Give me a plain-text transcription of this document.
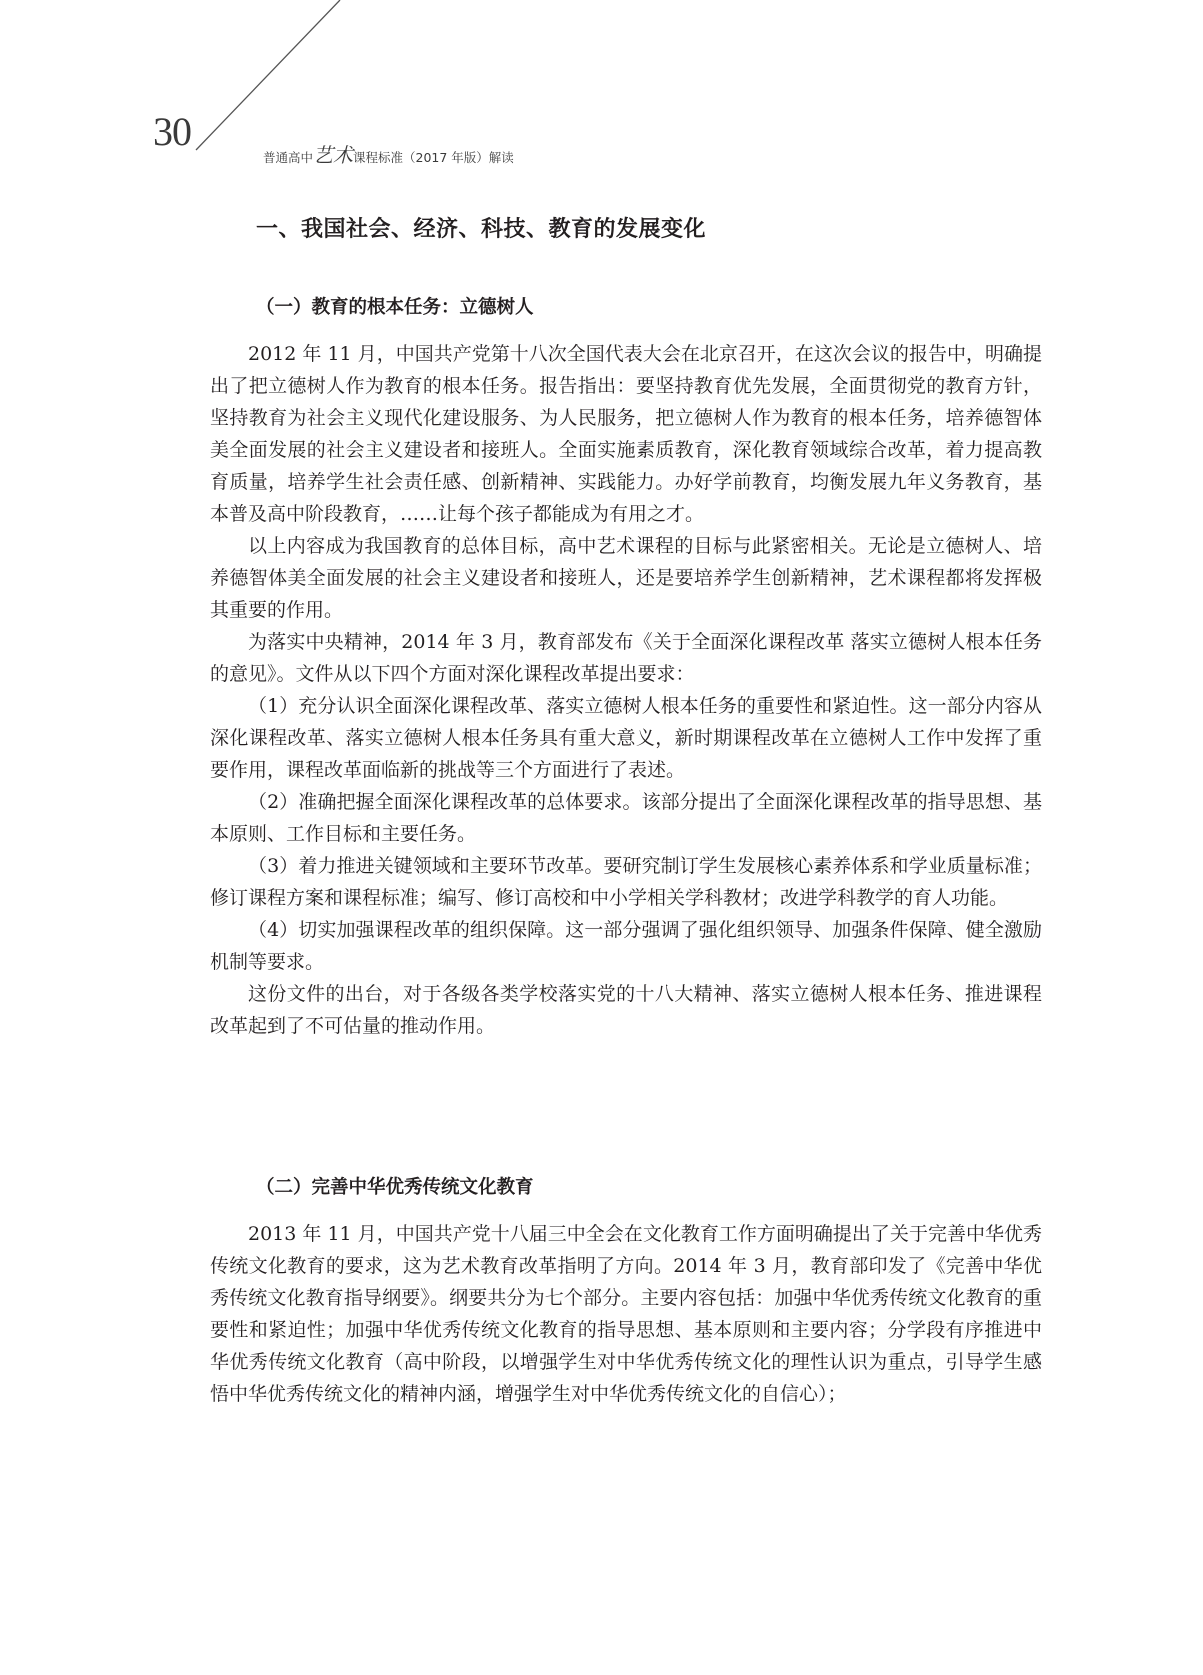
30
普通高中艺术课程标准（2017 年版）解读
一、我国社会、经济、科技、教育的发展变化
（一）教育的根本任务：立德树人

2012 年 11 月，中国共产党第十八次全国代表大会在北京召开，在这次会议的报告中，明确提出了把立德树人作为教育的根本任务。报告指出：要坚持教育优先发展，全面贯彻党的教育方针，坚持教育为社会主义现代化建设服务、为人民服务，把立德树人作为教育的根本任务，培养德智体美全面发展的社会主义建设者和接班人。全面实施素质教育，深化教育领域综合改革，着力提高教育质量，培养学生社会责任感、创新精神、实践能力。办好学前教育，均衡发展九年义务教育，基本普及高中阶段教育，……让每个孩子都能成为有用之才。

以上内容成为我国教育的总体目标，高中艺术课程的目标与此紧密相关。无论是立德树人、培养德智体美全面发展的社会主义建设者和接班人，还是要培养学生创新精神，艺术课程都将发挥极其重要的作用。

为落实中央精神，2014 年 3 月，教育部发布《关于全面深化课程改革 落实立德树人根本任务的意见》。文件从以下四个方面对深化课程改革提出要求：

（1）充分认识全面深化课程改革、落实立德树人根本任务的重要性和紧迫性。这一部分内容从深化课程改革、落实立德树人根本任务具有重大意义，新时期课程改革在立德树人工作中发挥了重要作用，课程改革面临新的挑战等三个方面进行了表述。

（2）准确把握全面深化课程改革的总体要求。该部分提出了全面深化课程改革的指导思想、基本原则、工作目标和主要任务。

（3）着力推进关键领域和主要环节改革。要研究制订学生发展核心素养体系和学业质量标准；修订课程方案和课程标准；编写、修订高校和中小学相关学科教材；改进学科教学的育人功能。

（4）切实加强课程改革的组织保障。这一部分强调了强化组织领导、加强条件保障、健全激励机制等要求。

这份文件的出台，对于各级各类学校落实党的十八大精神、落实立德树人根本任务、推进课程改革起到了不可估量的推动作用。

（二）完善中华优秀传统文化教育

2013 年 11 月，中国共产党十八届三中全会在文化教育工作方面明确提出了关于完善中华优秀传统文化教育的要求，这为艺术教育改革指明了方向。2014 年 3 月，教育部印发了《完善中华优秀传统文化教育指导纲要》。纲要共分为七个部分。主要内容包括：加强中华优秀传统文化教育的重要性和紧迫性；加强中华优秀传统文化教育的指导思想、基本原则和主要内容；分学段有序推进中华优秀传统文化教育（高中阶段，以增强学生对中华优秀传统文化的理性认识为重点，引导学生感悟中华优秀传统文化的精神内涵，增强学生对中华优秀传统文化的自信心）；
